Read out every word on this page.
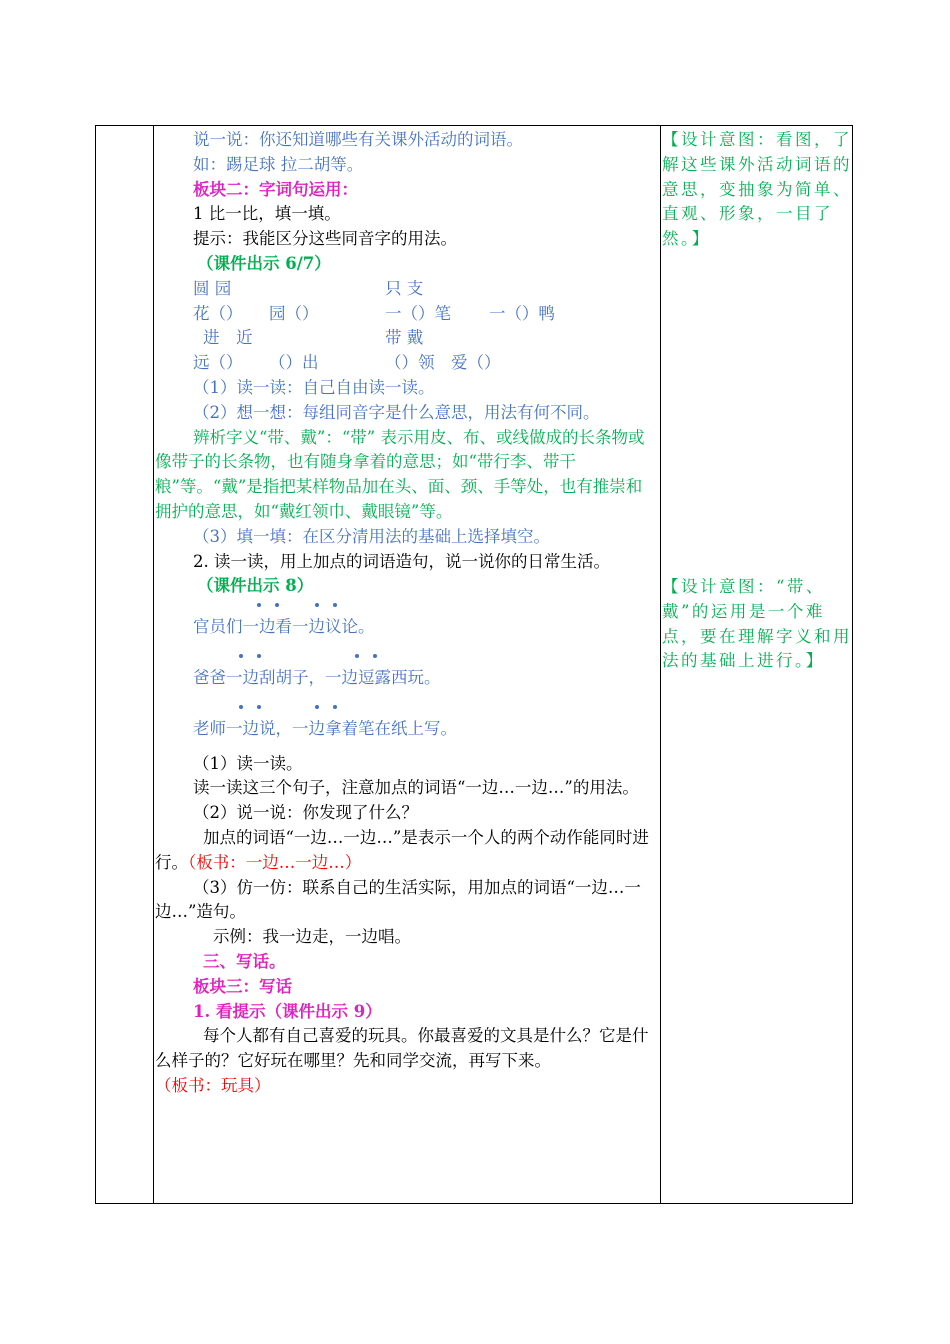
说一说：你还知道哪些有关课外活动的词语。

如：踢足球 拉二胡等。

板块二：字词句运用：

1 比一比，填一填。

提示：我能区分这些同音字的用法。

（课件出示 6/7）

圆 园	只 支
花（） 园（）	一（）笔 一（）鸭
进　近	带 戴
远（） （）出	（）领 爱（）

（1）读一读：自己自由读一读。

（2）想一想：每组同音字是什么意思，用法有何不同。

辨析字义“带、戴”：“带” 表示用皮、布、或线做成的长条物或像带子的长条物，也有随身拿着的意思；如“带行李、带干粮”等。“戴”是指把某样物品加在头、面、颈、手等处，也有推崇和拥护的意思，如“戴红领巾、戴眼镜”等。

（3）填一填：在区分清用法的基础上选择填空。

2. 读一读，用上加点的词语造句，说一说你的日常生活。

（课件出示 8）

官员们一边看一边议论。

爸爸一边刮胡子，一边逗露西玩。

老师一边说，一边拿着笔在纸上写。

（1）读一读。

读一读这三个句子，注意加点的词语“一边…一边…”的用法。

（2）说一说：你发现了什么？

加点的词语“一边…一边…”是表示一个人的两个动作能同时进行。（板书：一边…一边…）

（3）仿一仿：联系自己的生活实际，用加点的词语“一边…一边…”造句。

示例：我一边走，一边唱。

三、写话。

板块三：写话

1. 看提示（课件出示 9）

每个人都有自己喜爱的玩具。你最喜爱的文具是什么？它是什么样子的？它好玩在哪里？先和同学交流，再写下来。（板书：玩具）

【设计意图：看图，了解这些课外活动词语的意思，变抽象为简单、直观、形象，一目了然。】
【设计意图：“带、戴”的运用是一个难点，要在理解字义和用法的基础上进行。】
